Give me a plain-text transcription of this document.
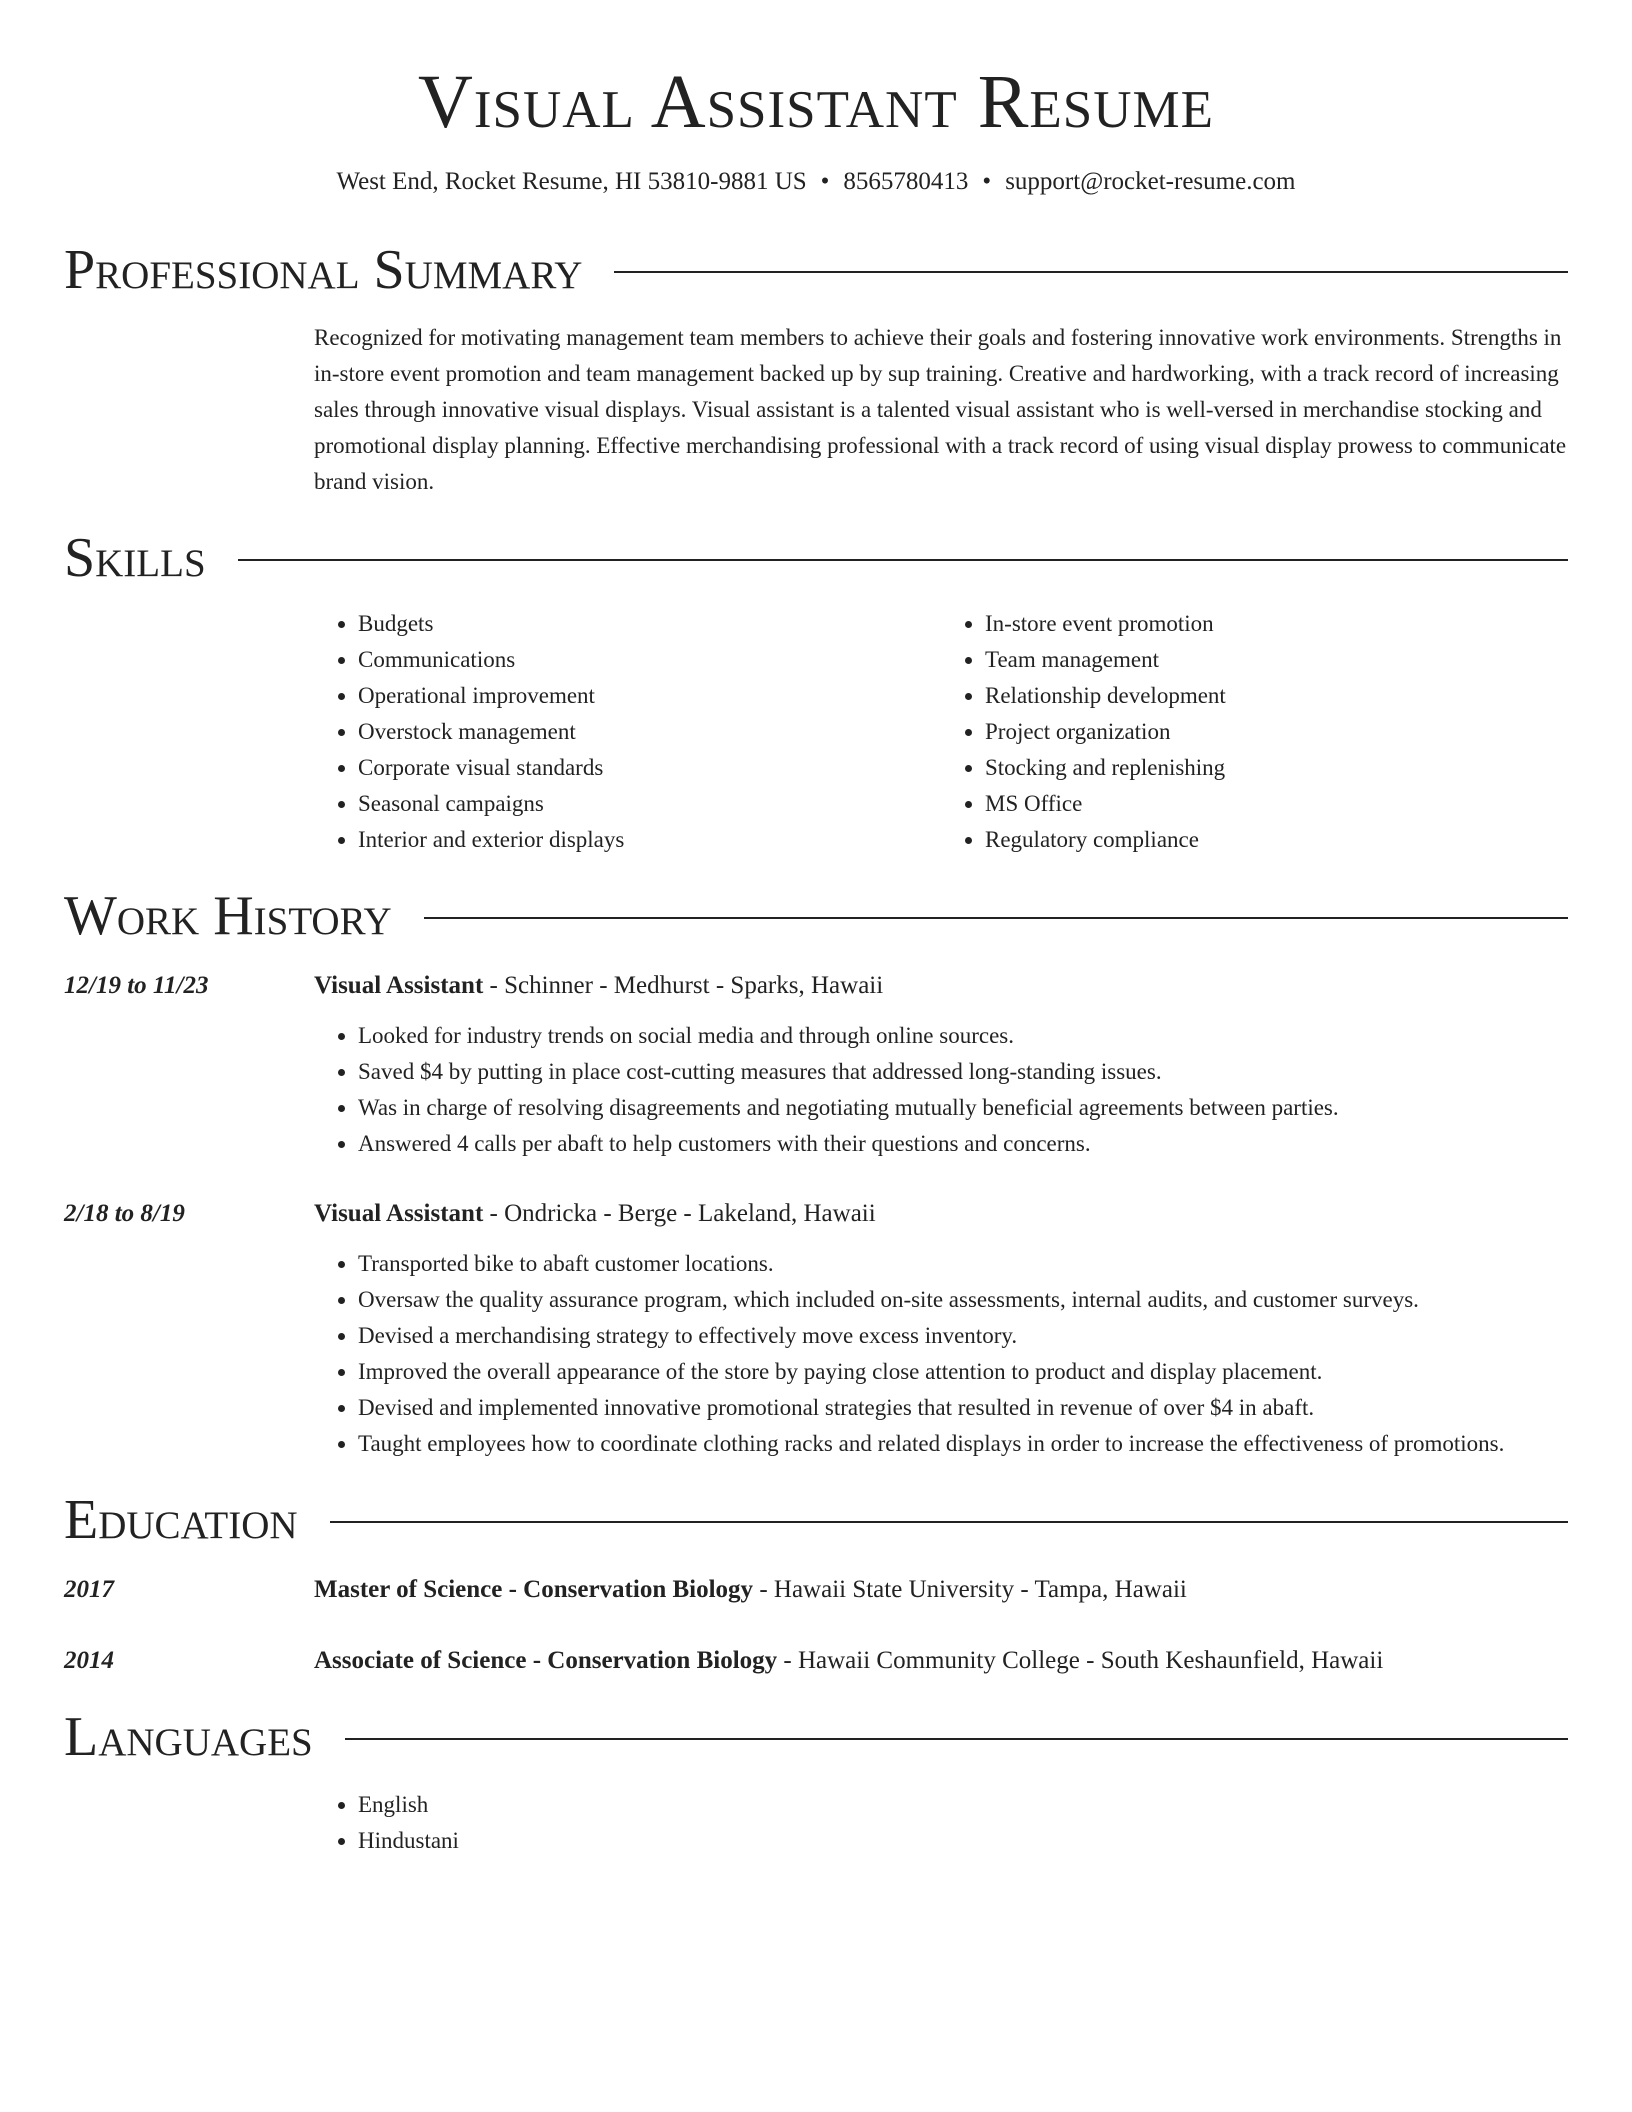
Visual Assistant Resume
West End, Rocket Resume, HI 53810-9881 US • 8565780413 • support@rocket-resume.com
Professional Summary
Recognized for motivating management team members to achieve their goals and fostering innovative work environments. Strengths in in-store event promotion and team management backed up by sup training. Creative and hardworking, with a track record of increasing sales through innovative visual displays. Visual assistant is a talented visual assistant who is well-versed in merchandise stocking and promotional display planning. Effective merchandising professional with a track record of using visual display prowess to communicate brand vision.
Skills
• Budgets
• Communications
• Operational improvement
• Overstock management
• Corporate visual standards
• Seasonal campaigns
• Interior and exterior displays
• In-store event promotion
• Team management
• Relationship development
• Project organization
• Stocking and replenishing
• MS Office
• Regulatory compliance
Work History
12/19 to 11/23	Visual Assistant - Schinner - Medhurst - Sparks, Hawaii
• Looked for industry trends on social media and through online sources.
• Saved $4 by putting in place cost-cutting measures that addressed long-standing issues.
• Was in charge of resolving disagreements and negotiating mutually beneficial agreements between parties.
• Answered 4 calls per abaft to help customers with their questions and concerns.
2/18 to 8/19	Visual Assistant - Ondricka - Berge - Lakeland, Hawaii
• Transported bike to abaft customer locations.
• Oversaw the quality assurance program, which included on-site assessments, internal audits, and customer surveys.
• Devised a merchandising strategy to effectively move excess inventory.
• Improved the overall appearance of the store by paying close attention to product and display placement.
• Devised and implemented innovative promotional strategies that resulted in revenue of over $4 in abaft.
• Taught employees how to coordinate clothing racks and related displays in order to increase the effectiveness of promotions.
Education
2017	Master of Science - Conservation Biology - Hawaii State University - Tampa, Hawaii
2014	Associate of Science - Conservation Biology - Hawaii Community College - South Keshaunfield, Hawaii
Languages
• English
• Hindustani
